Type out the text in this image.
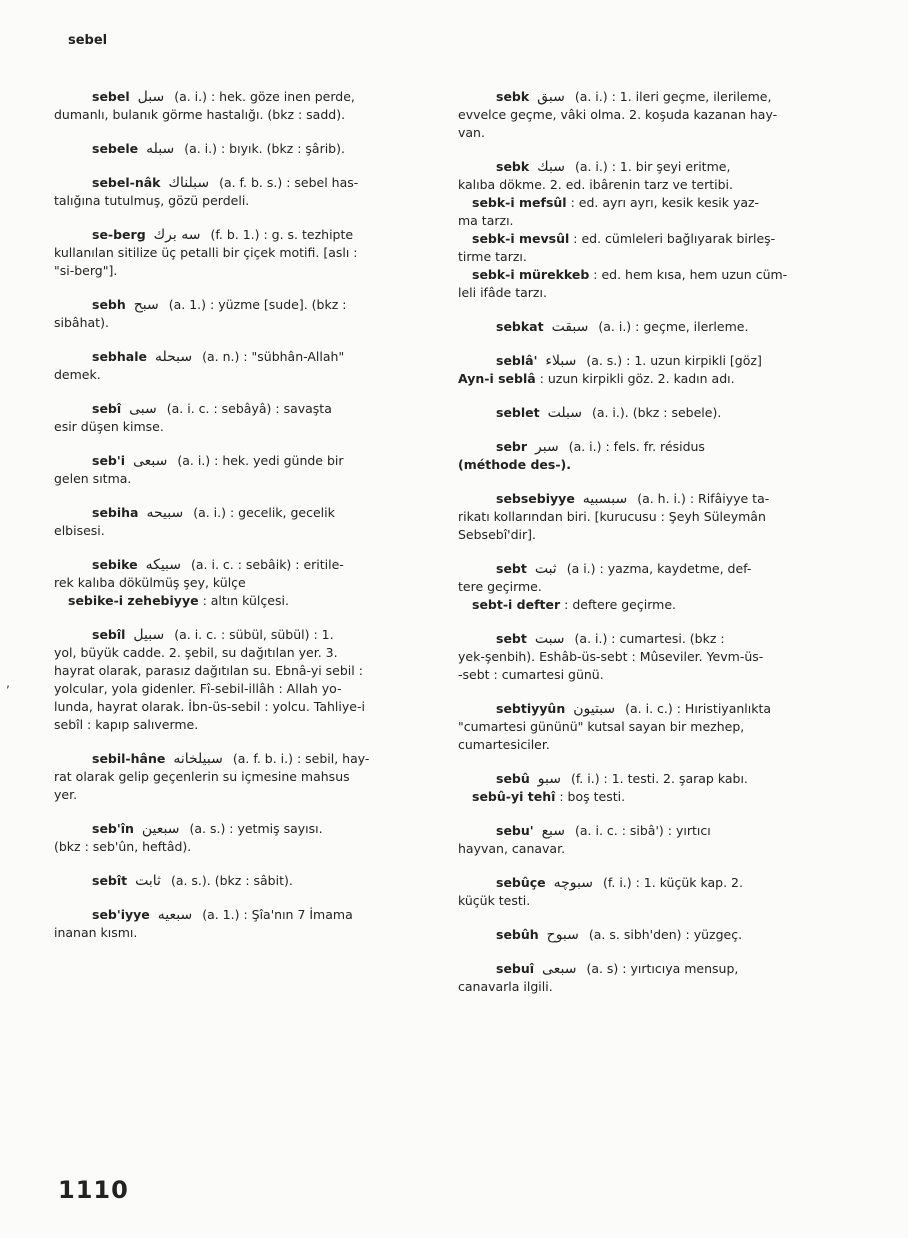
sebel
sebel سبل (a. i.) : hek. göze inen perde,
dumanlı, bulanık görme hastalığı. (bkz : sadd).
sebele سبله (a. i.) : bıyık. (bkz : şârib).
sebel-nâk سبلناك (a. f. b. s.) : sebel has-
talığına tutulmuş, gözü perdeli.
se-berg سه برك (f. b. 1.) : g. s. tezhipte
kullanılan sitilize üç petalli bir çiçek motifi. [aslı :
"si-berg"].
sebh سبح (a. 1.) : yüzme [sude]. (bkz :
sibâhat).
sebhale سبحله (a. n.) : "sübhân-Allah"
demek.
sebî سبى (a. i. c. : sebâyâ) : savaşta
esir düşen kimse.
seb'i سبعى (a. i.) : hek. yedi günde bir
gelen sıtma.
sebiha سبيحه (a. i.) : gecelik, gecelik
elbisesi.
sebike سبيكه (a. i. c. : sebâik) : eritile-
rek kalıba dökülmüş şey, külçe
sebike-i zehebiyye : altın külçesi.
sebîl سبيل (a. i. c. : sübül, sübül) : 1.
yol, büyük cadde. 2. şebil, su dağıtılan yer. 3.
hayrat olarak, parasız dağıtılan su. Ebnâ-yi sebil :
yolcular, yola gidenler. Fî-sebil-illâh : Allah yo-
lunda, hayrat olarak. İbn-üs-sebil : yolcu. Tahliye-i
sebîl : kapıp salıverme.
sebil-hâne سبيلخانه (a. f. b. i.) : sebil, hay-
rat olarak gelip geçenlerin su içmesine mahsus
yer.
seb'în سبعين (a. s.) : yetmiş sayısı.
(bkz : seb'ûn, heftâd).
sebît ثابت (a. s.). (bkz : sâbit).
seb'iyye سبعيه (a. 1.) : Şîa'nın 7 İmama
inanan kısmı.
sebk سبق (a. i.) : 1. ileri geçme, ilerileme,
evvelce geçme, vâki olma. 2. koşuda kazanan hay-
van.
sebk سبك (a. i.) : 1. bir şeyi eritme,
kalıba dökme. 2. ed. ibârenin tarz ve tertibi.
sebk-i mefsûl : ed. ayrı ayrı, kesik kesik yaz-
ma tarzı.
sebk-i mevsûl : ed. cümleleri bağlıyarak birleş-
tirme tarzı.
sebk-i mürekkeb : ed. hem kısa, hem uzun cüm-
leli ifâde tarzı.
sebkat سبقت (a. i.) : geçme, ilerleme.
seblâ' سبلاء (a. s.) : 1. uzun kirpikli [göz]
Ayn-i seblâ : uzun kirpikli göz. 2. kadın adı.
seblet سبلت (a. i.). (bkz : sebele).
sebr سبر (a. i.) : fels. fr. résidus
(méthode des-).
sebsebiyye سبسبيه (a. h. i.) : Rifâiyye ta-
rikatı kollarından biri. [kurucusu : Şeyh Süleymân
Sebsebî'dir].
sebt ثبت (a i.) : yazma, kaydetme, def-
tere geçirme.
sebt-i defter : deftere geçirme.
sebt سبت (a. i.) : cumartesi. (bkz :
yek-şenbih). Eshâb-üs-sebt : Mûseviler. Yevm-üs-
-sebt : cumartesi günü.
sebtiyyûn سبتيون (a. i. c.) : Hıristiyanlıkta
"cumartesi gününü" kutsal sayan bir mezhep,
cumartesiciler.
sebû سبو (f. i.) : 1. testi. 2. şarap kabı.
sebû-yi tehî : boş testi.
sebu' سبع (a. i. c. : sibâ') : yırtıcı
hayvan, canavar.
sebûçe سبوچه (f. i.) : 1. küçük kap. 2.
küçük testi.
sebûh سبوح (a. s. sibh'den) : yüzgeç.
sebuî سبعى (a. s) : yırtıcıya mensup,
canavarla ilgili.
‚
1110
